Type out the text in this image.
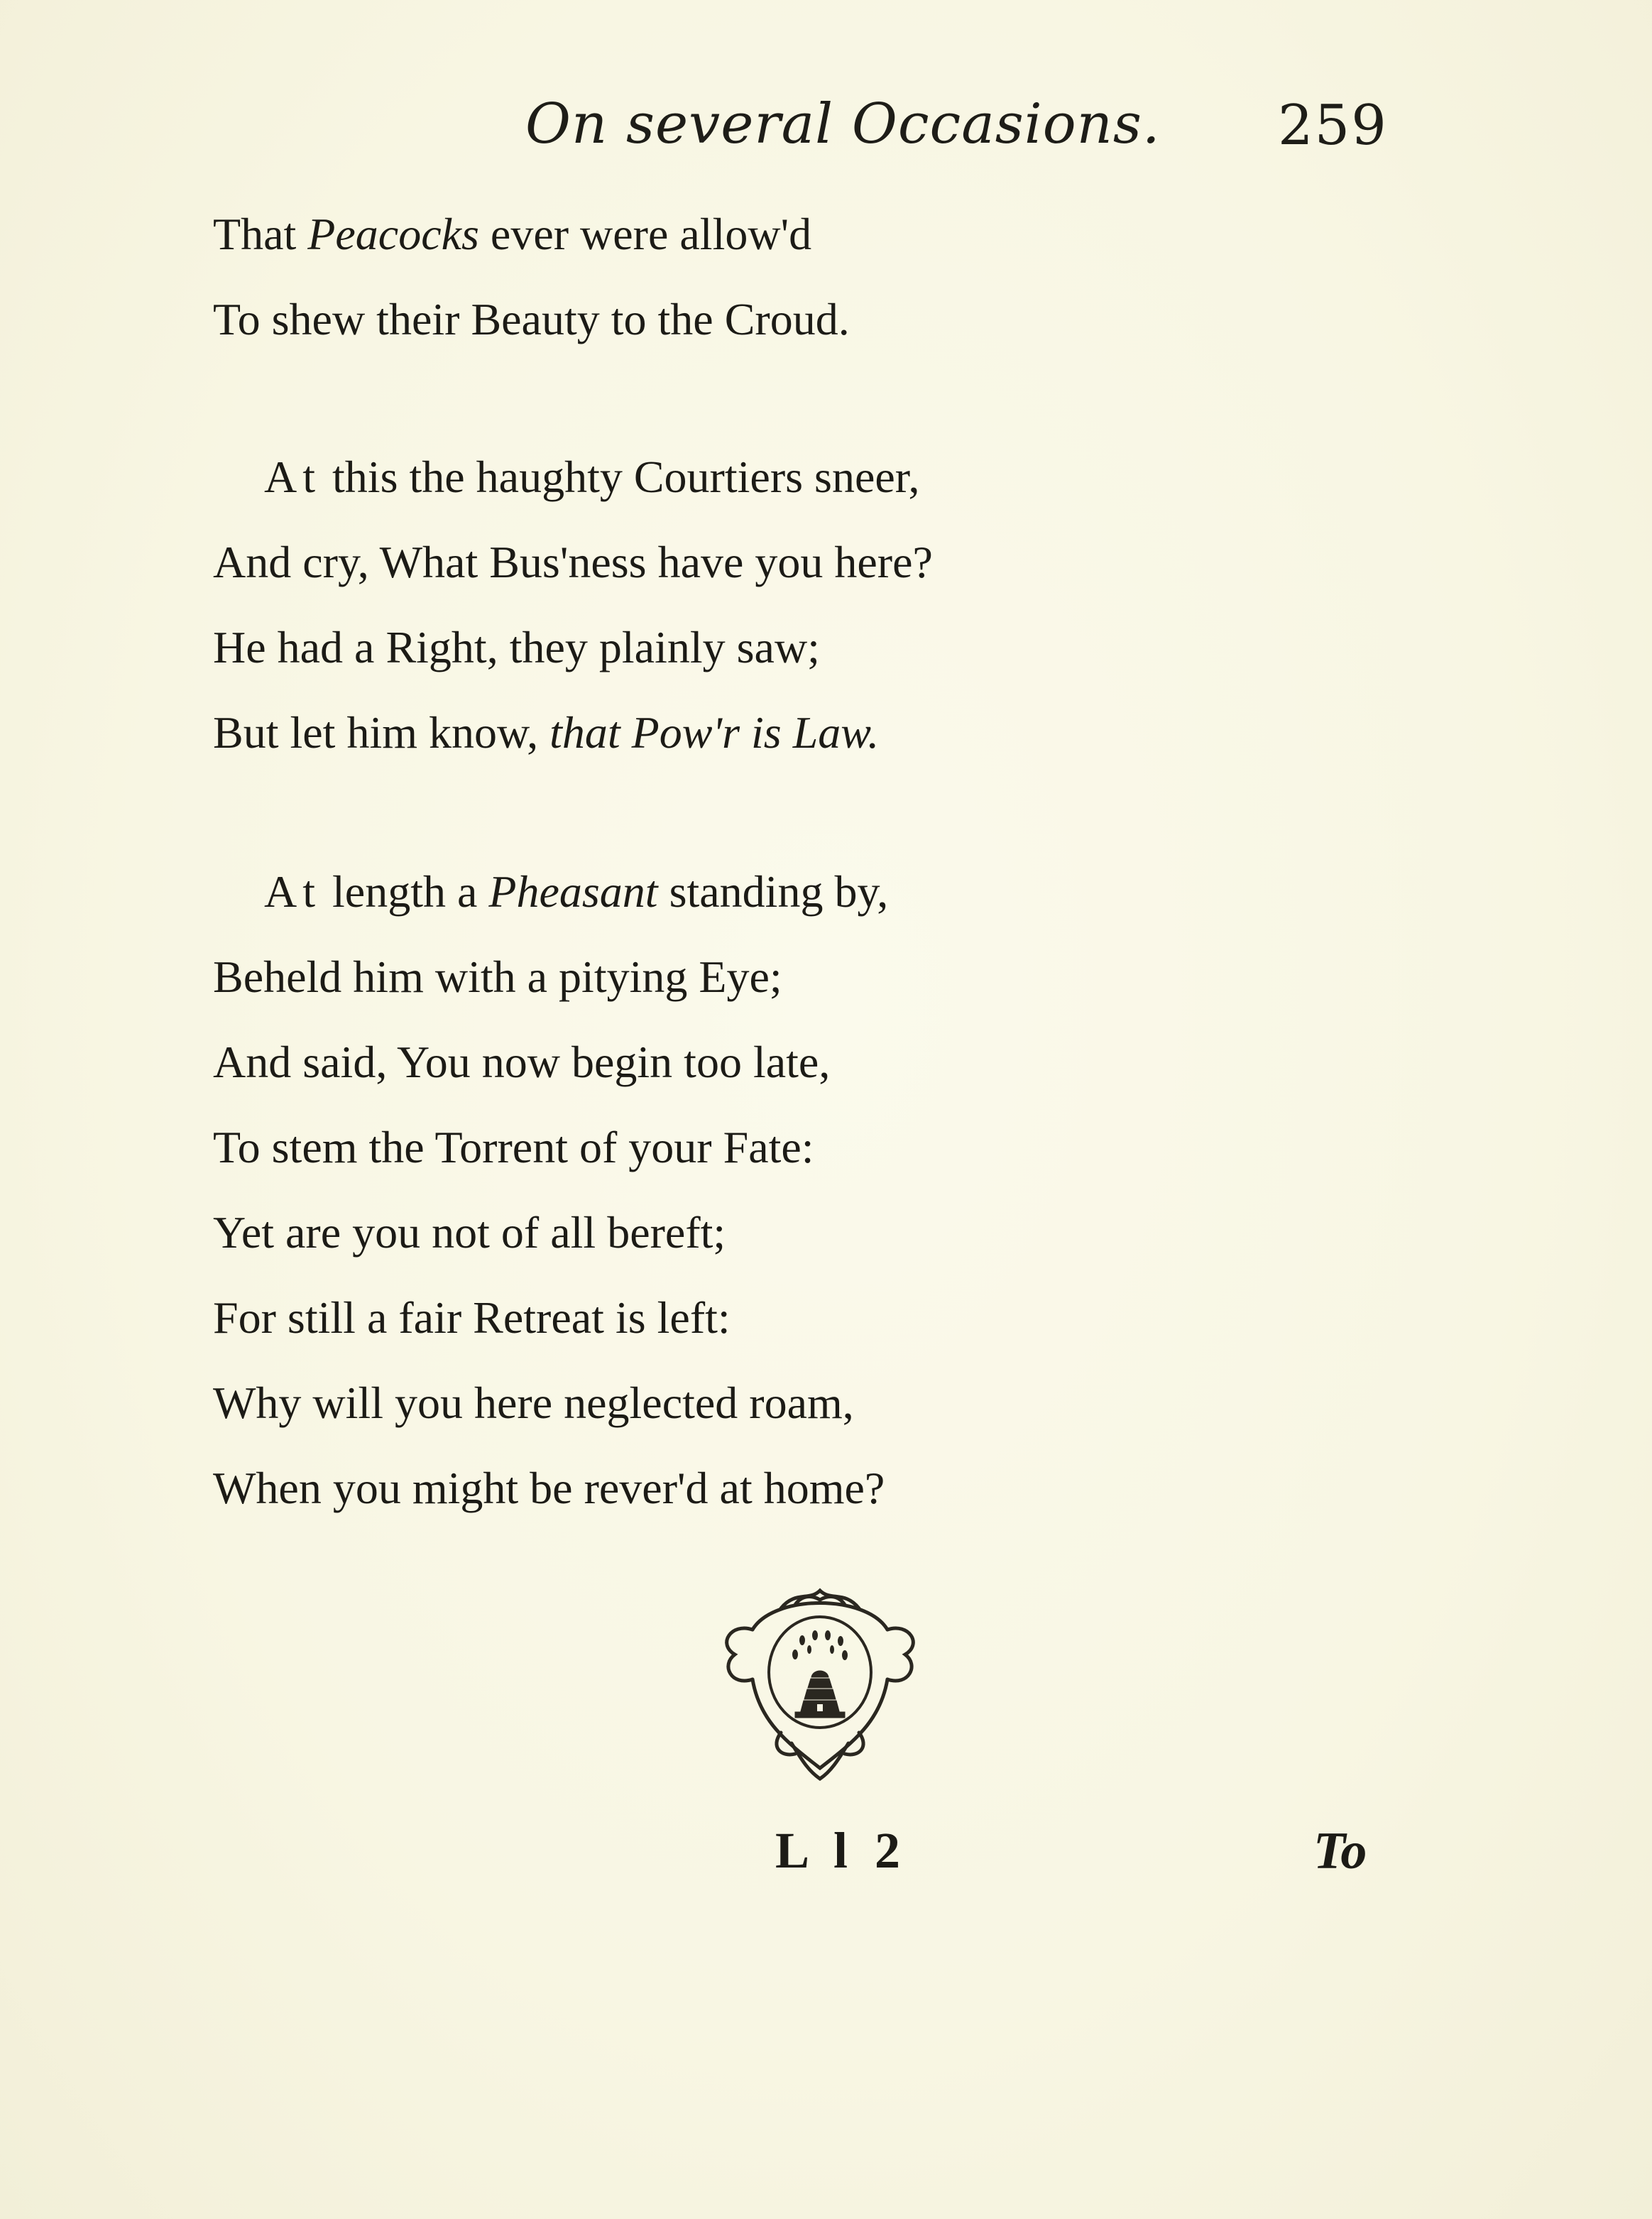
On several Occasions. 259
That Peacocks ever were allow'd
To shew their Beauty to the Croud.
At this the haughty Courtiers sneer,
And cry, What Bus'ness have you here?
He had a Right, they plainly saw;
But let him know, that Pow'r is Law.
At length a Pheasant standing by,
Beheld him with a pitying Eye;
And said, You now begin too late,
To stem the Torrent of your Fate:
Yet are you not of all bereft;
For still a fair Retreat is left:
Why will you here neglected roam,
When you might be rever'd at home?
L l 2	To
